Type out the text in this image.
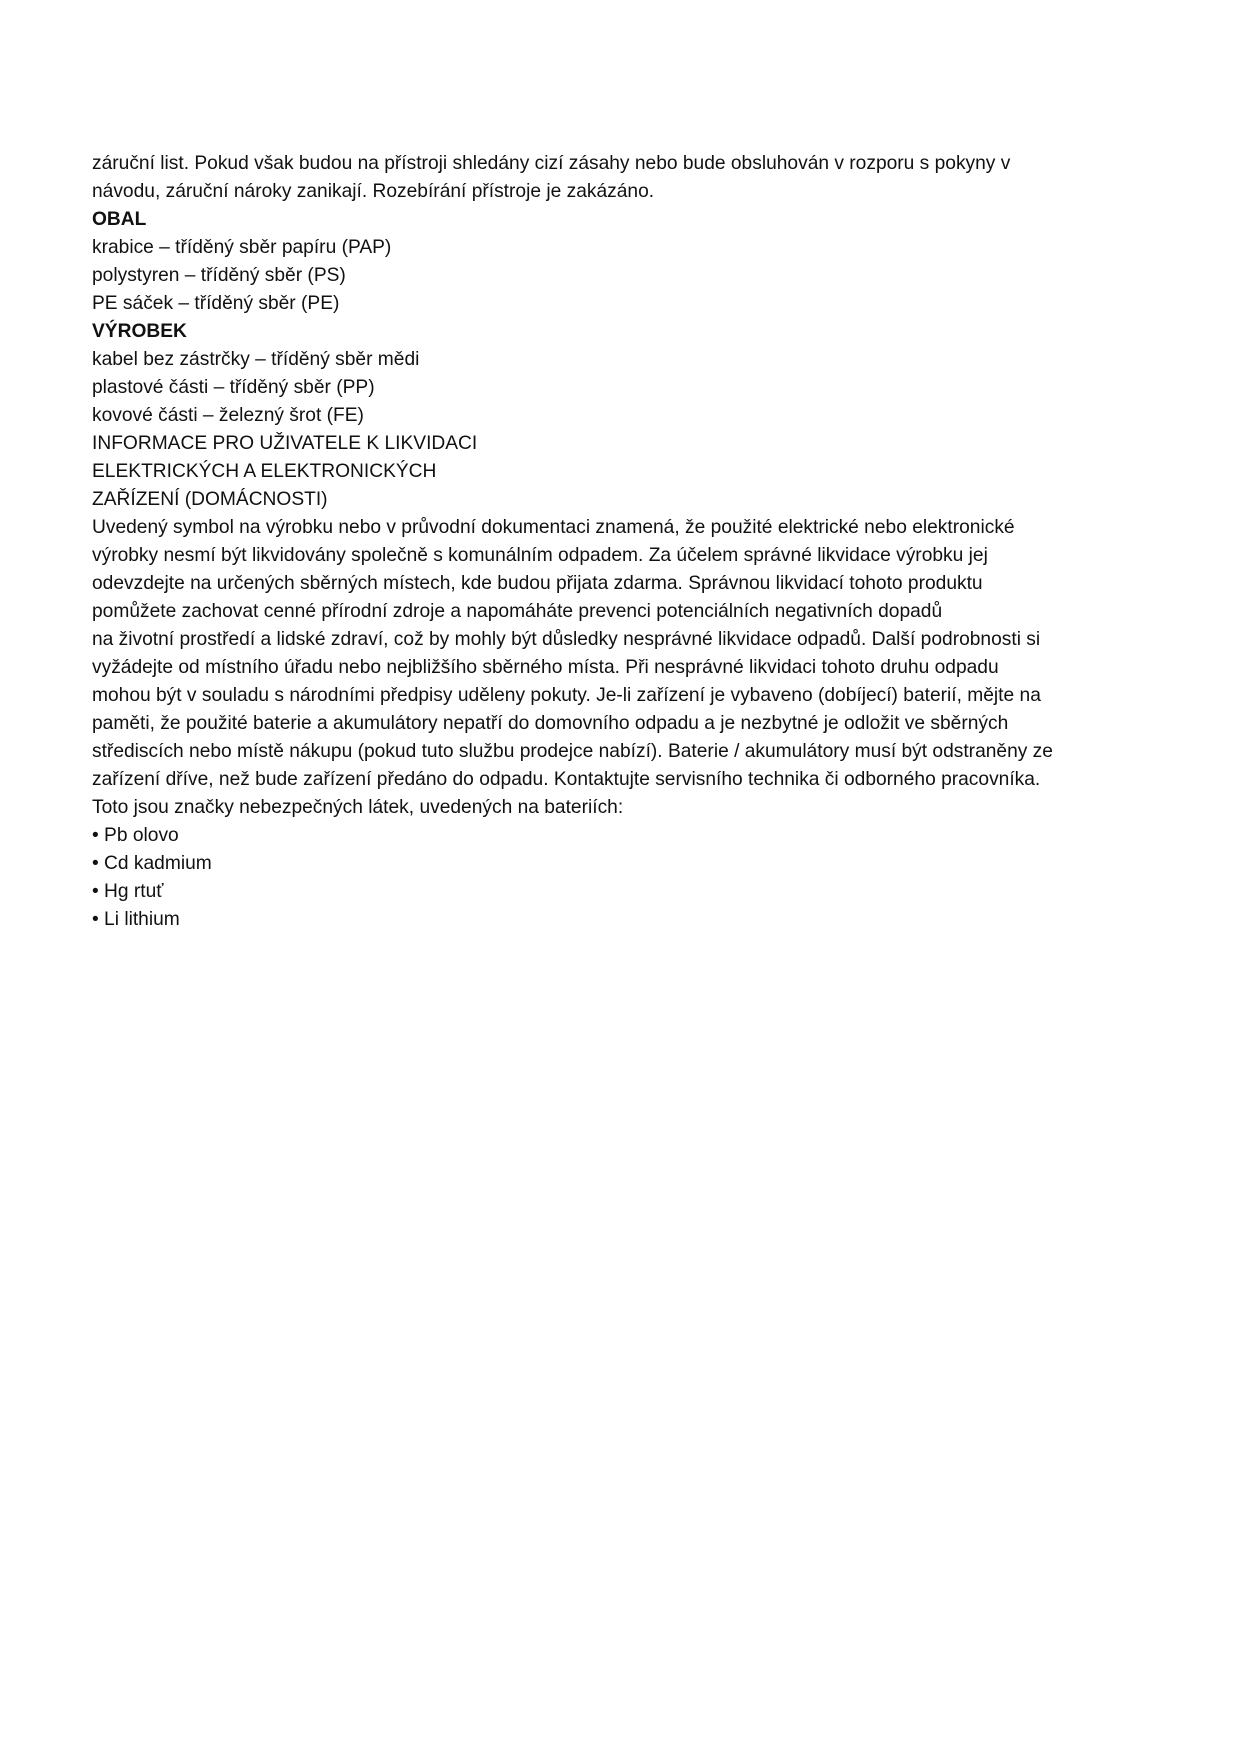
záruční list. Pokud však budou na přístroji shledány cizí zásahy nebo bude obsluhován v rozporu s pokyny v
návodu, záruční nároky zanikají. Rozebírání přístroje je zakázáno.
OBAL
krabice – tříděný sběr papíru (PAP)
polystyren – tříděný sběr (PS)
PE sáček – tříděný sběr (PE)
VÝROBEK
kabel bez zástrčky – tříděný sběr mědi
plastové části – tříděný sběr (PP)
kovové části – železný šrot (FE)
INFORMACE PRO UŽIVATELE K LIKVIDACI
ELEKTRICKÝCH A ELEKTRONICKÝCH
ZAŘÍZENÍ (DOMÁCNOSTI)
Uvedený symbol na výrobku nebo v průvodní dokumentaci znamená, že použité elektrické nebo elektronické
výrobky nesmí být likvidovány společně s komunálním odpadem. Za účelem správné likvidace výrobku jej
odevzdejte na určených sběrných místech, kde budou přijata zdarma. Správnou likvidací tohoto produktu
pomůžete zachovat cenné přírodní zdroje a napomáháte prevenci potenciálních negativních dopadů
na životní prostředí a lidské zdraví, což by mohly být důsledky nesprávné likvidace odpadů. Další podrobnosti si
vyžádejte od místního úřadu nebo nejbližšího sběrného místa. Při nesprávné likvidaci tohoto druhu odpadu
mohou být v souladu s národními předpisy uděleny pokuty. Je-li zařízení je vybaveno (dobíjecí) baterií, mějte na
paměti, že použité baterie a akumulátory nepatří do domovního odpadu a je nezbytné je odložit ve sběrných
střediscích nebo místě nákupu (pokud tuto službu prodejce nabízí). Baterie / akumulátory musí být odstraněny ze
zařízení dříve, než bude zařízení předáno do odpadu. Kontaktujte servisního technika či odborného pracovníka.
Toto jsou značky nebezpečných látek, uvedených na bateriích:
• Pb olovo
• Cd kadmium
• Hg rtuť
• Li lithium
